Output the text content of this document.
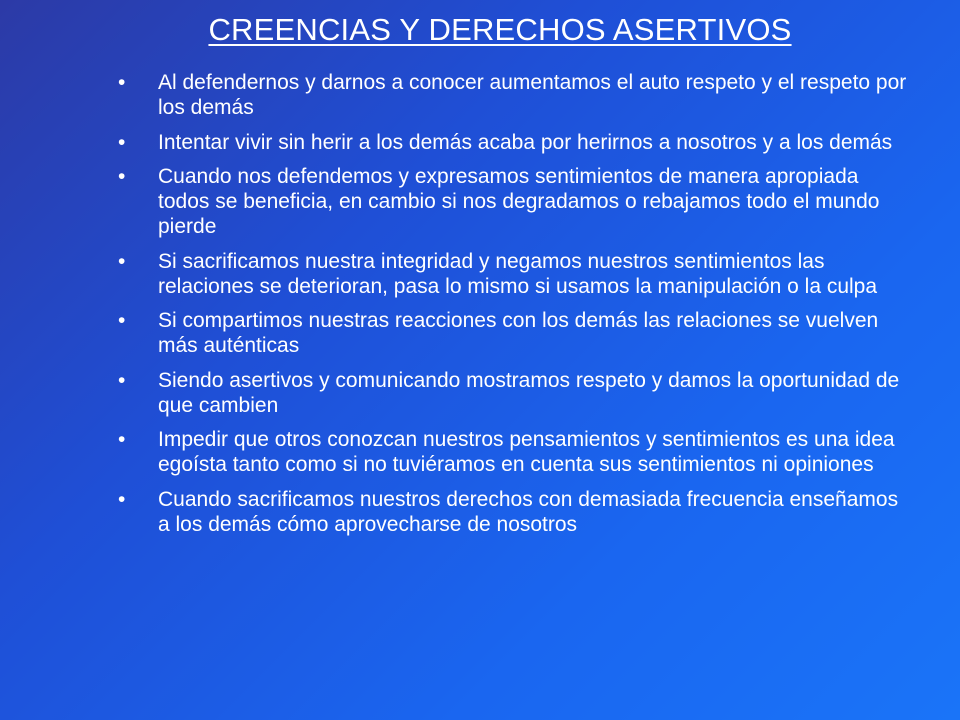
CREENCIAS Y DERECHOS ASERTIVOS
•	Al defendernos y darnos a conocer aumentamos el auto respeto y el respeto por los demás
•	Intentar vivir sin herir a los demás acaba por herirnos a nosotros y a los demás
•	Cuando nos defendemos y expresamos sentimientos de manera apropiada todos se beneficia, en cambio si nos degradamos o rebajamos todo el mundo pierde
•	Si sacrificamos nuestra integridad y negamos nuestros sentimientos las relaciones se deterioran, pasa lo mismo si usamos la manipulación o la culpa
•	Si compartimos nuestras reacciones con los demás las relaciones se vuelven más auténticas
•	Siendo asertivos y comunicando mostramos respeto y damos la oportunidad de que cambien
•	Impedir que otros conozcan nuestros pensamientos y sentimientos es una idea egoísta tanto como si no tuviéramos en cuenta sus sentimientos ni opiniones
•	Cuando sacrificamos nuestros derechos con demasiada frecuencia enseñamos a los demás cómo aprovecharse de nosotros
